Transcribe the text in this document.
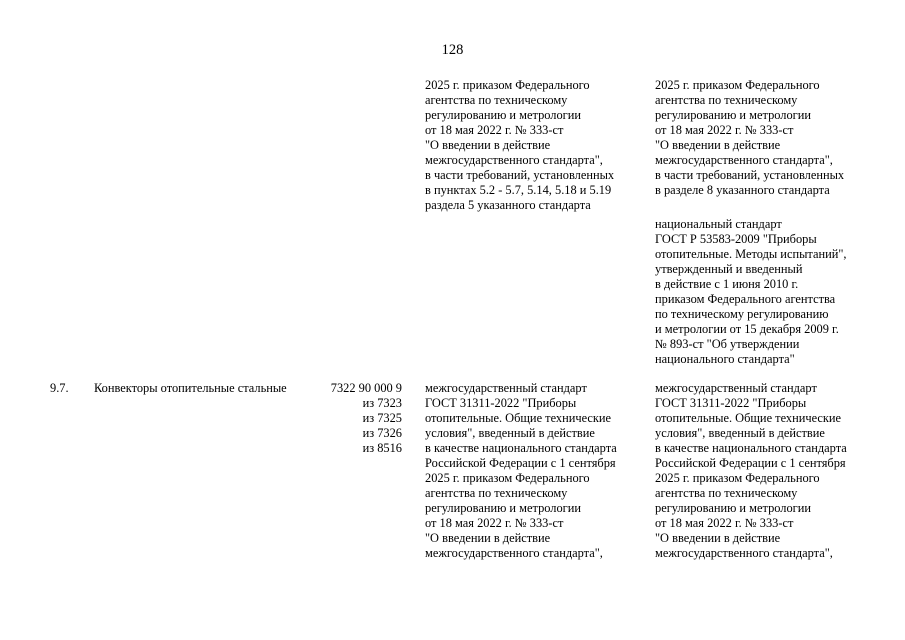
128
2025 г. приказом Федерального
агентства по техническому
регулированию и метрологии
от 18 мая 2022 г. № 333-ст
"О введении в действие
межгосударственного стандарта",
в части требований, установленных
в пунктах 5.2 - 5.7, 5.14, 5.18 и 5.19
раздела 5 указанного стандарта
2025 г. приказом Федерального
агентства по техническому
регулированию и метрологии
от 18 мая 2022 г. № 333-ст
"О введении в действие
межгосударственного стандарта",
в части требований, установленных
в разделе 8 указанного стандарта
национальный стандарт
ГОСТ Р 53583-2009 "Приборы
отопительные. Методы испытаний",
утвержденный и введенный
в действие с 1 июня 2010 г.
приказом Федерального агентства
по техническому регулированию
и метрологии от 15 декабря 2009 г.
№ 893-ст "Об утверждении
национального стандарта"
9.7. Конвекторы отопительные стальные	7322 90 000 9
из 7323
из 7325
из 7326
из 8516
межгосударственный стандарт
ГОСТ 31311-2022 "Приборы
отопительные. Общие технические
условия", введенный в действие
в качестве национального стандарта
Российской Федерации с 1 сентября
2025 г. приказом Федерального
агентства по техническому
регулированию и метрологии
от 18 мая 2022 г. № 333-ст
"О введении в действие
межгосударственного стандарта",
межгосударственный стандарт
ГОСТ 31311-2022 "Приборы
отопительные. Общие технические
условия", введенный в действие
в качестве национального стандарта
Российской Федерации с 1 сентября
2025 г. приказом Федерального
агентства по техническому
регулированию и метрологии
от 18 мая 2022 г. № 333-ст
"О введении в действие
межгосударственного стандарта",
